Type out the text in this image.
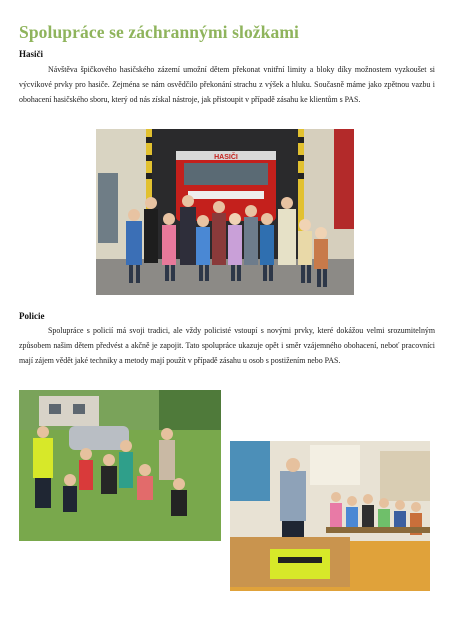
Spolupráce se záchrannými složkami
Hasiči
Návštěva špičkového hasičského zázemí umožní dětem překonat vnitřní limity a bloky díky možnostem vyzkoušet si výcvikové prvky pro hasiče. Zejména se nám osvědčilo překonání strachu z výšek a hluku. Současně máme jako zpětnou vazbu i obohacení hasičského sboru, který od nás získal nástroje, jak přistoupit v případě zásahu ke klientům s PAS.
HASIČI
Policie
Spolupráce s policií má svoji tradici, ale vždy policisté vstoupí s novými prvky, které dokážou velmi srozumitelným způsobem našim dětem předvést a akčně je zapojit. Tato spolupráce ukazuje opět i směr vzájemného obohacení, neboť pracovníci mají zájem vědět jaké techniky a metody mají použít v případě zásahu u osob s postižením nebo PAS.
